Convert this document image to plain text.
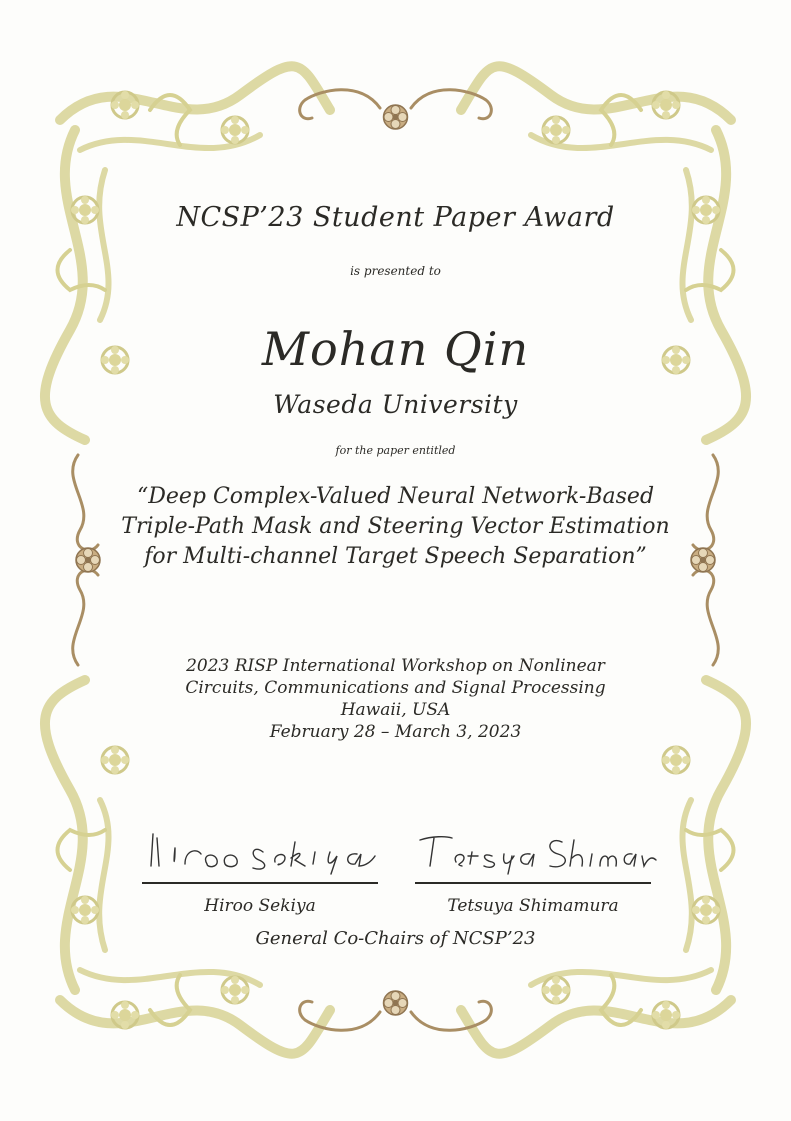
NCSP’23 Student Paper Award
is presented to
Mohan Qin
Waseda University
for the paper entitled
“Deep Complex-Valued Neural Network-Based
Triple-Path Mask and Steering Vector Estimation
for Multi-channel Target Speech Separation”
2023 RISP International Workshop on Nonlinear
Circuits, Communications and Signal Processing
Hawaii, USA
February 28 – March 3, 2023
Hiroo Sekiya	Tetsuya Shimamura
General Co-Chairs of NCSP’23
